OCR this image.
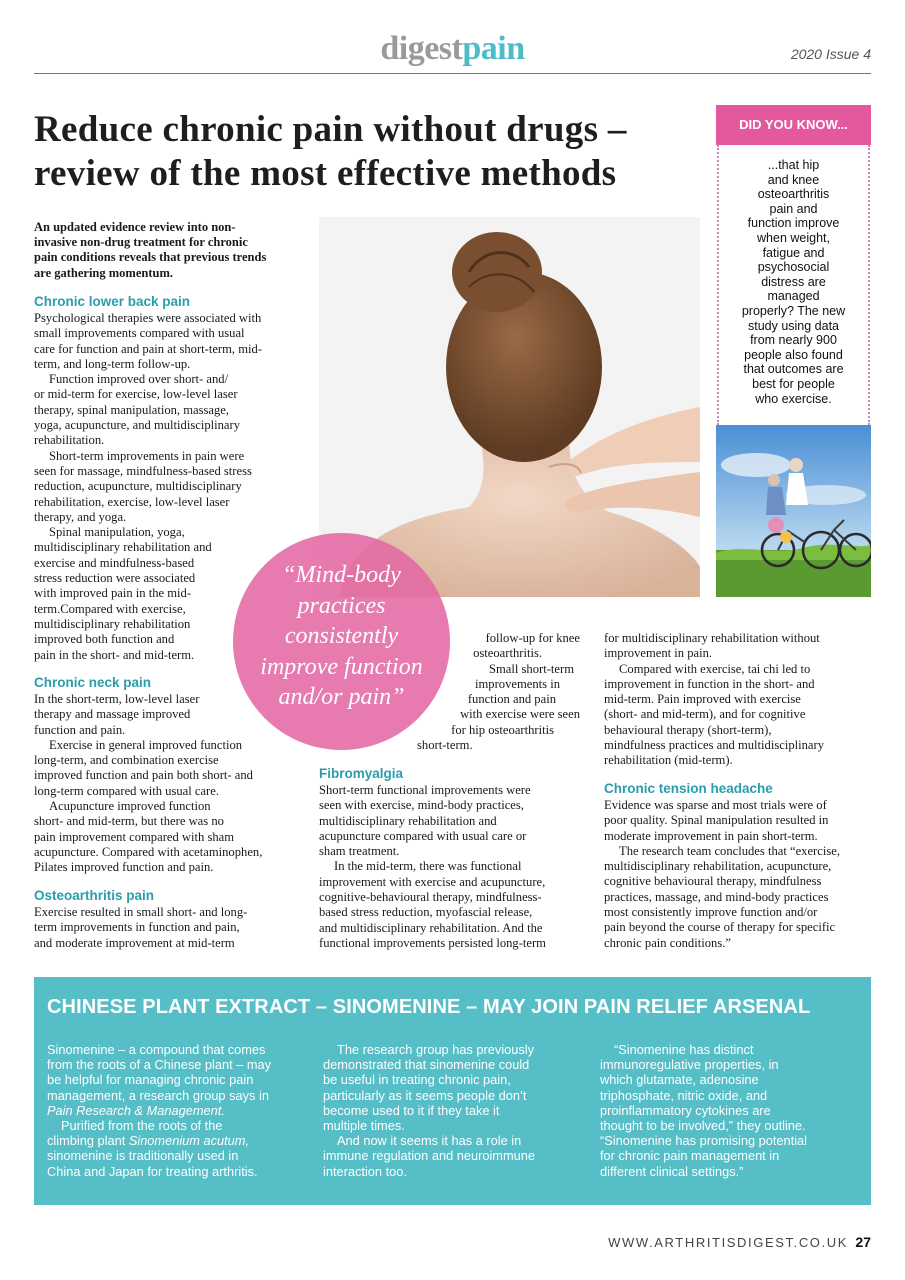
digestpain	2020 Issue 4
Reduce chronic pain without drugs –
review of the most effective methods
DID YOU KNOW...
...that hip
and knee
osteoarthritis
pain and
function improve
when weight,
fatigue and
psychosocial
distress are
managed
properly? The new
study using data
from nearly 900
people also found
that outcomes are
best for people
who exercise.
An updated evidence review into non-
invasive non-drug treatment for chronic
pain conditions reveals that previous trends
are gathering momentum.
Chronic lower back pain
Psychological therapies were associated with
small improvements compared with usual
care for function and pain at short-term, mid-
term, and long-term follow-up.
Function improved over short- and/
or mid-term for exercise, low-level laser
therapy, spinal manipulation, massage,
yoga, acupuncture, and multidisciplinary
rehabilitation.
Short-term improvements in pain were
seen for massage, mindfulness-based stress
reduction, acupuncture, multidisciplinary
rehabilitation, exercise, low-level laser
therapy, and yoga.
Spinal manipulation, yoga,
multidisciplinary rehabilitation and
exercise and mindfulness-based
stress reduction were associated
with improved pain in the mid-
term.Compared with exercise,
multidisciplinary rehabilitation
improved both function and
pain in the short- and mid-term.
Chronic neck pain
In the short-term, low-level laser
therapy and massage improved
function and pain.
Exercise in general improved function
long-term, and combination exercise
improved function and pain both short- and
long-term compared with usual care.
Acupuncture improved function
short- and mid-term, but there was no
pain improvement compared with sham
acupuncture. Compared with acetaminophen,
Pilates improved function and pain.
Osteoarthritis pain
Exercise resulted in small short- and long-
term improvements in function and pain,
and moderate improvement at mid-term
follow-up for knee
osteoarthritis.
Small short-term
improvements in
function and pain
with exercise were seen
for hip osteoarthritis
short-term.
Fibromyalgia
Short-term functional improvements were
seen with exercise, mind-body practices,
multidisciplinary rehabilitation and
acupuncture compared with usual care or
sham treatment.
In the mid-term, there was functional
improvement with exercise and acupuncture,
cognitive-behavioural therapy, mindfulness-
based stress reduction, myofascial release,
and multidisciplinary rehabilitation. And the
functional improvements persisted long-term
for multidisciplinary rehabilitation without
improvement in pain.
Compared with exercise, tai chi led to
improvement in function in the short- and
mid-term. Pain improved with exercise
(short- and mid-term), and for cognitive
behavioural therapy (short-term),
mindfulness practices and multidisciplinary
rehabilitation (mid-term).
Chronic tension headache
Evidence was sparse and most trials were of
poor quality. Spinal manipulation resulted in
moderate improvement in pain short-term.
The research team concludes that “exercise,
multidisciplinary rehabilitation, acupuncture,
cognitive behavioural therapy, mindfulness
practices, massage, and mind-body practices
most consistently improve function and/or
pain beyond the course of therapy for specific
chronic pain conditions.”
“Mind-body
practices
consistently
improve function
and/or pain”
CHINESE PLANT EXTRACT – SINOMENINE – MAY JOIN PAIN RELIEF ARSENAL
Sinomenine – a compound that comes
from the roots of a Chinese plant – may
be helpful for managing chronic pain
management, a research group says in
Pain Research & Management.
Purified from the roots of the
climbing plant Sinomenium acutum,
sinomenine is traditionally used in
China and Japan for treating arthritis.
The research group has previously
demonstrated that sinomenine could
be useful in treating chronic pain,
particularly as it seems people don’t
become used to it if they take it
multiple times.
And now it seems it has a role in
immune regulation and neuroimmune
interaction too.
“Sinomenine has distinct
immunoregulative properties, in
which glutamate, adenosine
triphosphate, nitric oxide, and
proinflammatory cytokines are
thought to be involved,” they outline.
“Sinomenine has promising potential
for chronic pain management in
different clinical settings.”
WWW.ARTHRITISDIGEST.CO.UK 27
